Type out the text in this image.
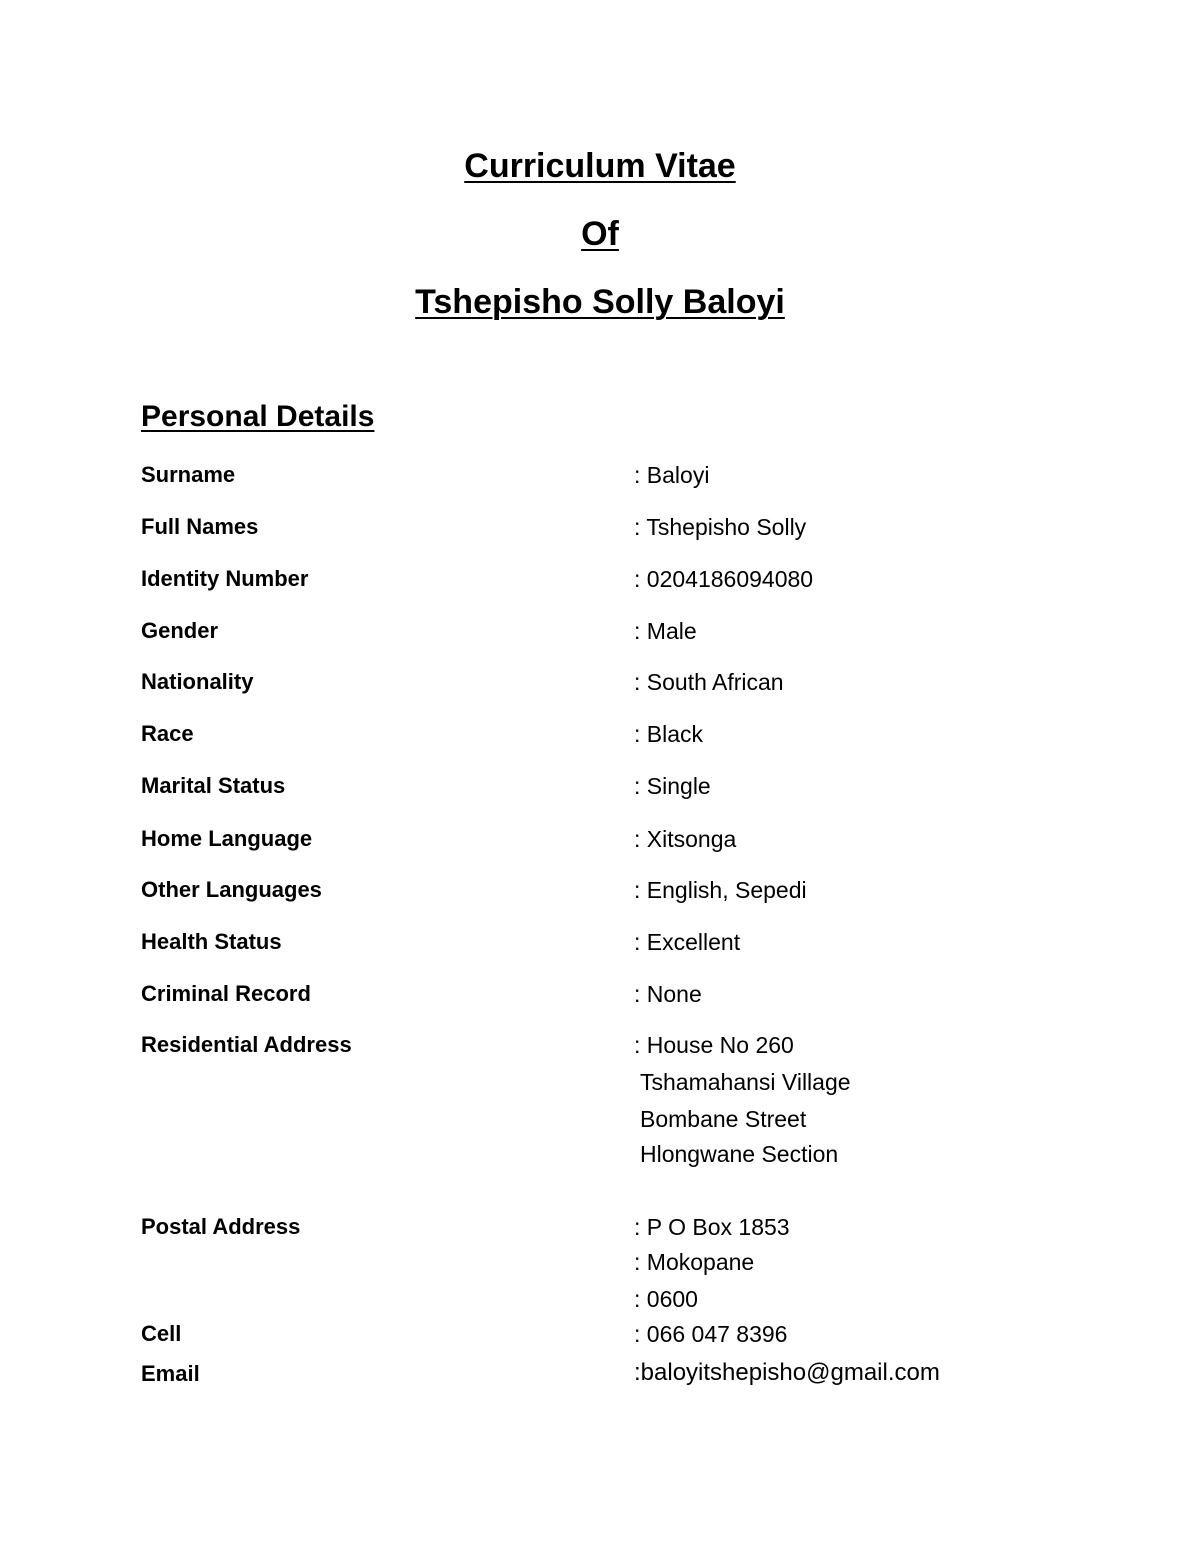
Curriculum Vitae
Of
Tshepisho Solly Baloyi
Personal Details
Surname	: Baloyi
Full Names	: Tshepisho Solly
Identity Number	: 0204186094080
Gender	: Male
Nationality	: South African
Race	: Black
Marital Status	: Single
Home Language	: Xitsonga
Other Languages	: English, Sepedi
Health Status	: Excellent
Criminal Record	: None
Residential Address	: House No 260
Tshamahansi Village
Bombane Street
Hlongwane Section
Postal Address	: P O Box 1853
: Mokopane
: 0600
Cell	: 066 047 8396
Email	:baloyitshepisho@gmail.com
